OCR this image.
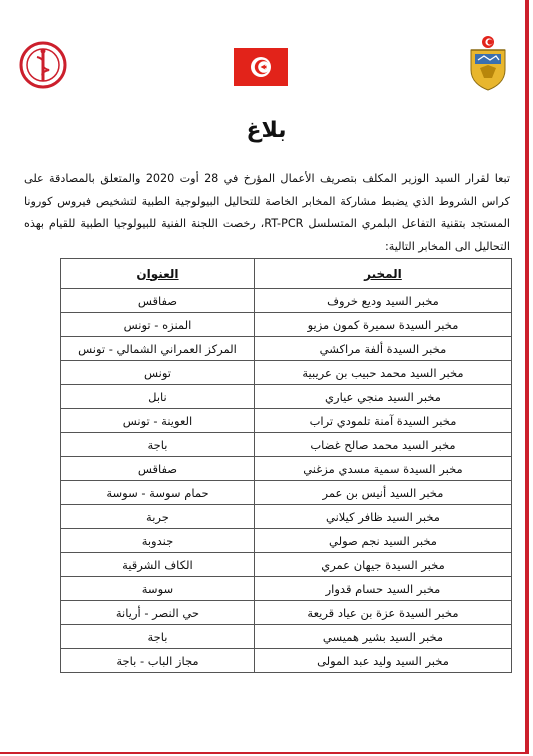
بلاغ
تبعا لقرار السيد الوزير المكلف بتصريف الأعمال المؤرخ في 28 أوت 2020 والمتعلق بالمصادقة على كراس الشروط الذي يضبط مشاركة المخابر الخاصة للتحاليل البيولوجية الطبية لتشخيص فيروس كورونا المستجد بتقنية التفاعل البلمري المتسلسل RT-PCR، رخصت اللجنة الفنية للبيولوجيا الطبية للقيام بهذه التحاليل الى المخابر التالية:
المخبر	العنوان
مخبر السيد وديع خروف	صفاقس
مخبر السيدة سميرة كمون مزيو	المنزه - تونس
مخبر السيدة ألفة مراكشي	المركز العمراني الشمالي - تونس
مخبر السيد محمد حبيب بن عريبية	تونس
مخبر السيد منجي عياري	نابل
مخبر السيدة آمنة تلمودي تراب	العوينة - تونس
مخبر السيد محمد صالح غضاب	باجة
مخبر السيدة سمية مسدي مزغني	صفاقس
مخبر السيد أنيس بن عمر	حمام سوسة - سوسة
مخبر السيد ظافر كيلاني	جربة
مخبر السيد نجم صولي	جندوبة
مخبر السيدة جيهان عمري	الكاف الشرقية
مخبر السيد حسام قدوار	سوسة
مخبر السيدة عزة بن عياد قريعة	حي النصر - أريانة
مخبر السيد بشير هميسي	باجة
مخبر السيد وليد عبد المولى	مجاز الباب - باجة
